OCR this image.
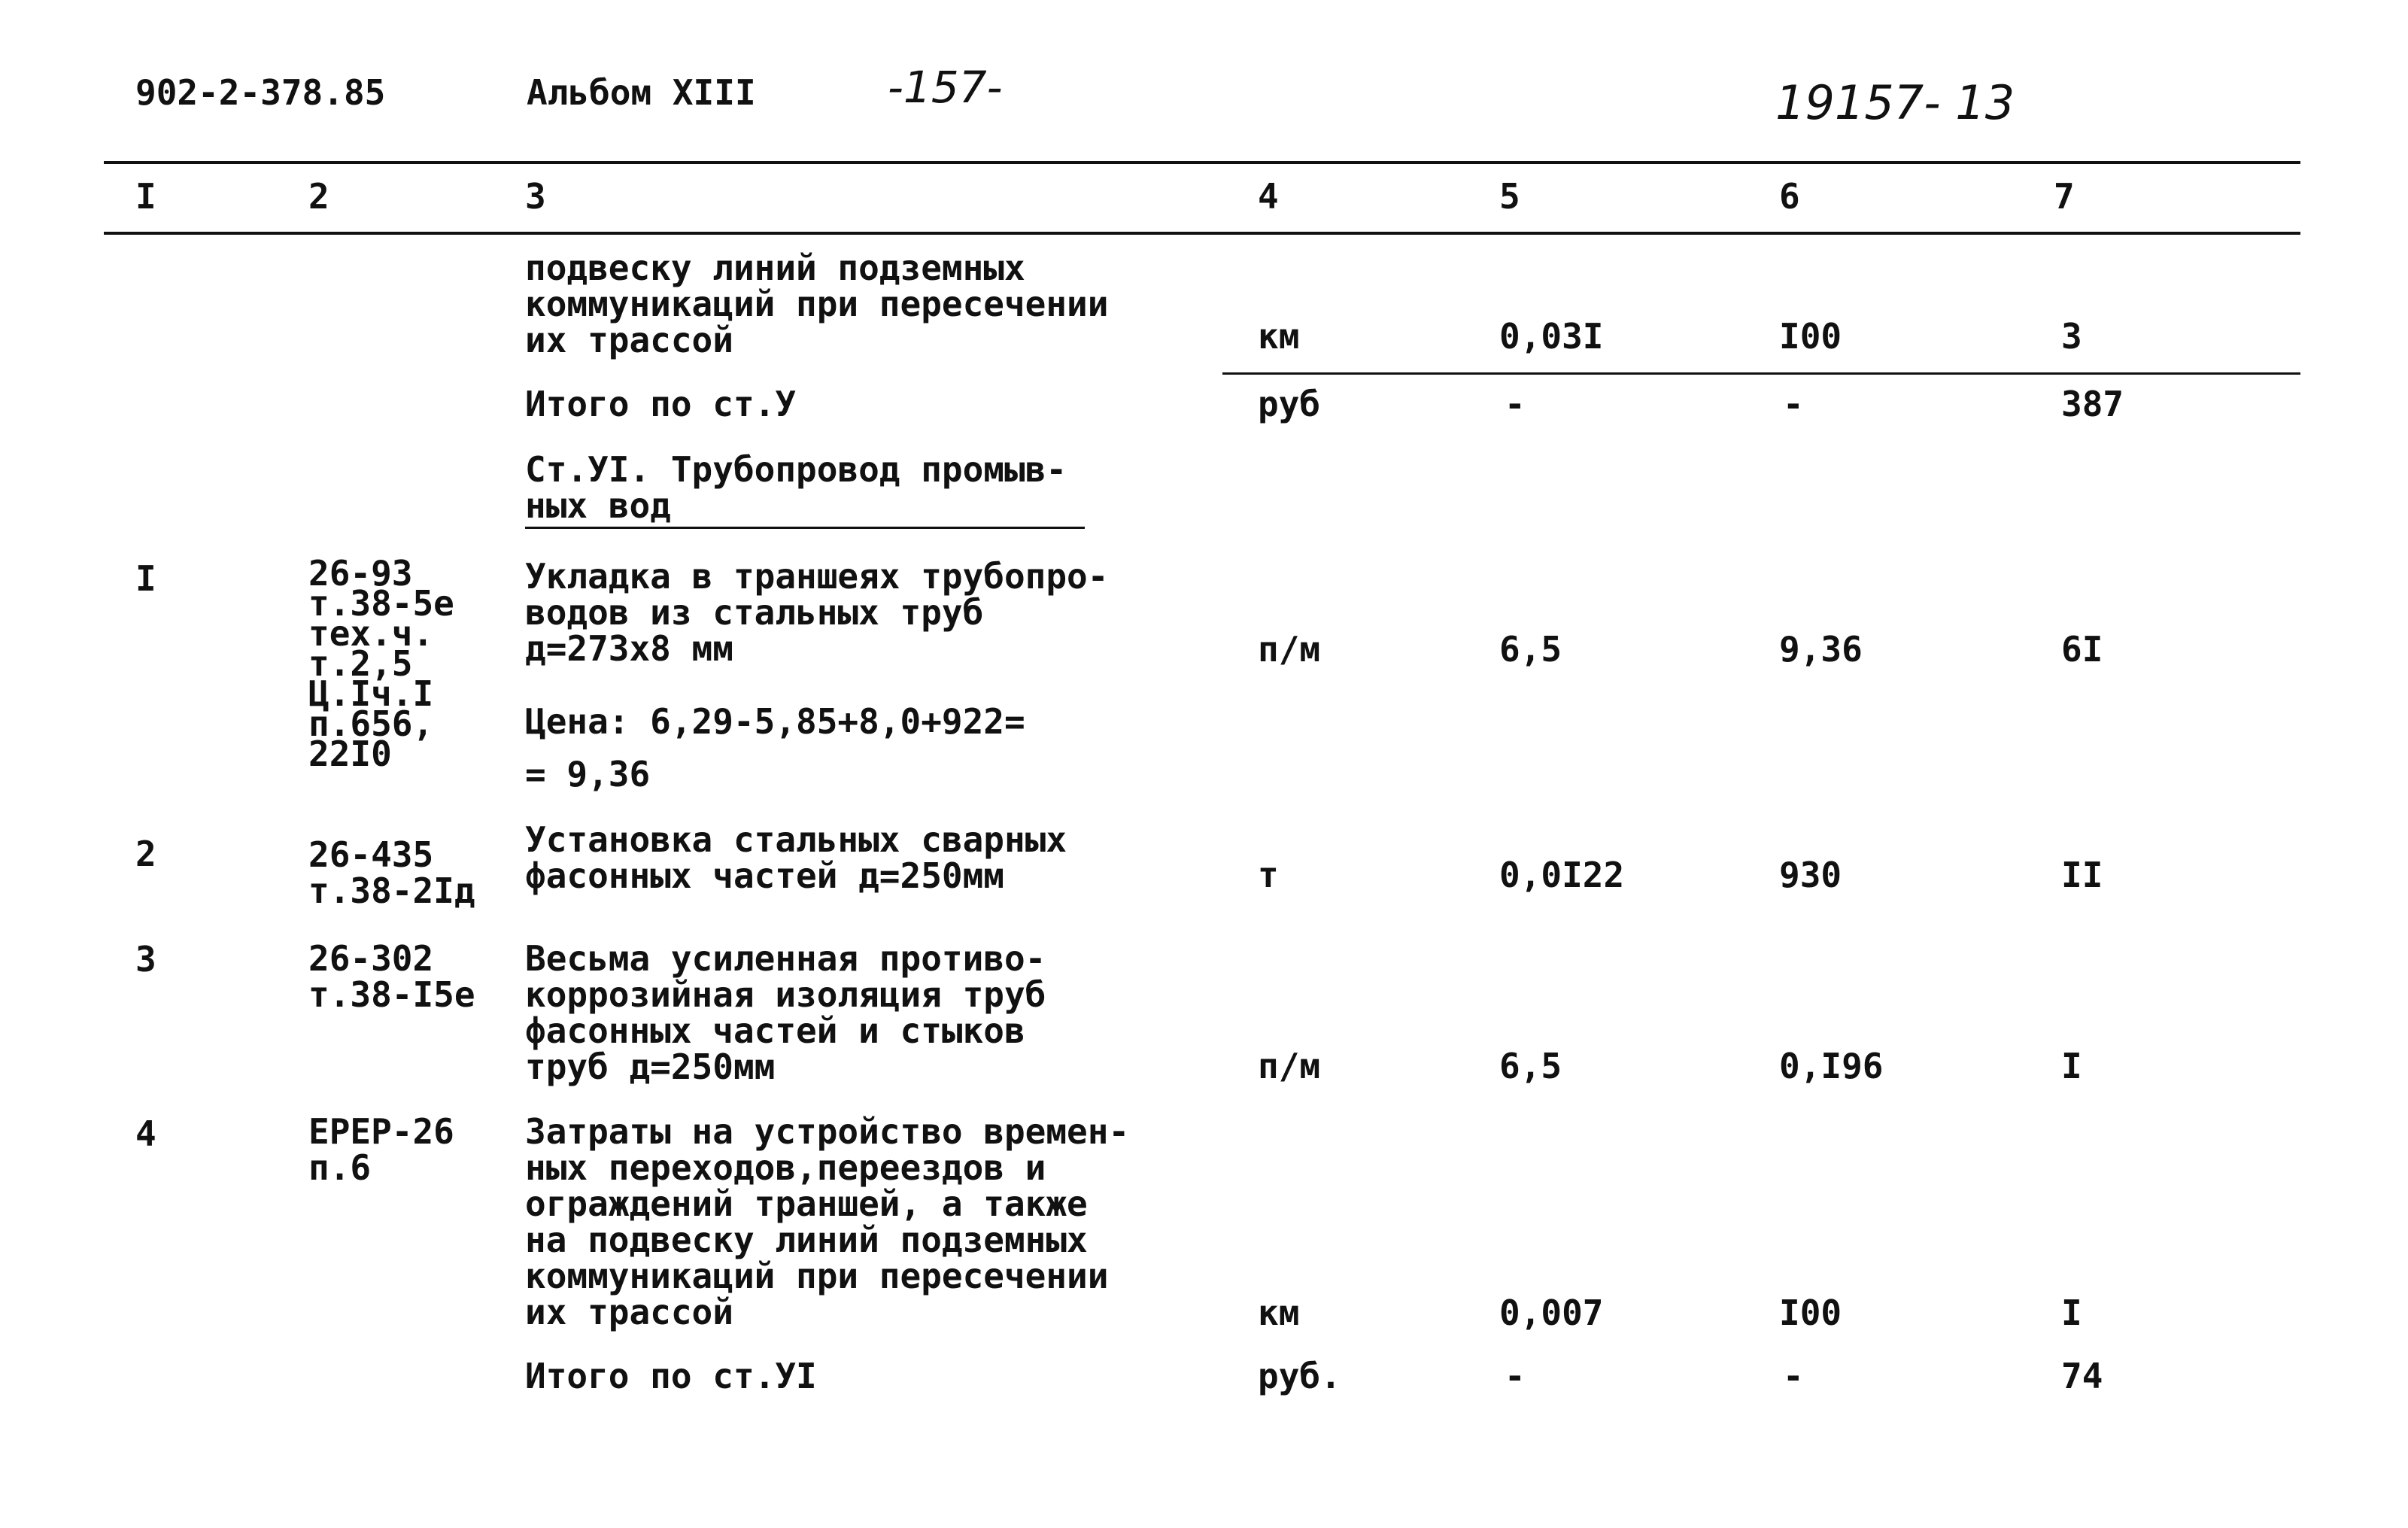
902-2-378.85	Альбом XIII	-157-	19157- 13
I	2	3	4	5	6	7
подвеску линий подземных
коммуникаций при пересечении
их трассой	км	0,03I	I00	3
Итого по ст.У	руб	-	-	387
Ст.УI. Трубопровод промыв-
ных вод
I	26-93
т.38-5е
тех.ч.
т.2,5
Ц.Iч.I
п.656,
22I0
Укладка в траншеях трубопро-
водов из стальных труб
д=273х8 мм
Цена: 6,29-5,85+8,0+922=
= 9,36
п/м	6,5	9,36	6I
2	26-435
т.38-2Iд
Установка стальных сварных
фасонных частей д=250мм	т	0,0I22	930	II
3	26-302
т.38-I5е
Весьма усиленная противо-
коррозийная изоляция труб
фасонных частей и стыков
труб д=250мм	п/м	6,5	0,I96	I
4	ЕРЕР-26
п.6
Затраты на устройство времен-
ных переходов,переездов и
ограждений траншей, а также
на подвеску линий подземных
коммуникаций при пересечении
их трассой	км	0,007	I00	I
Итого по ст.УI	руб.	-	-	74
